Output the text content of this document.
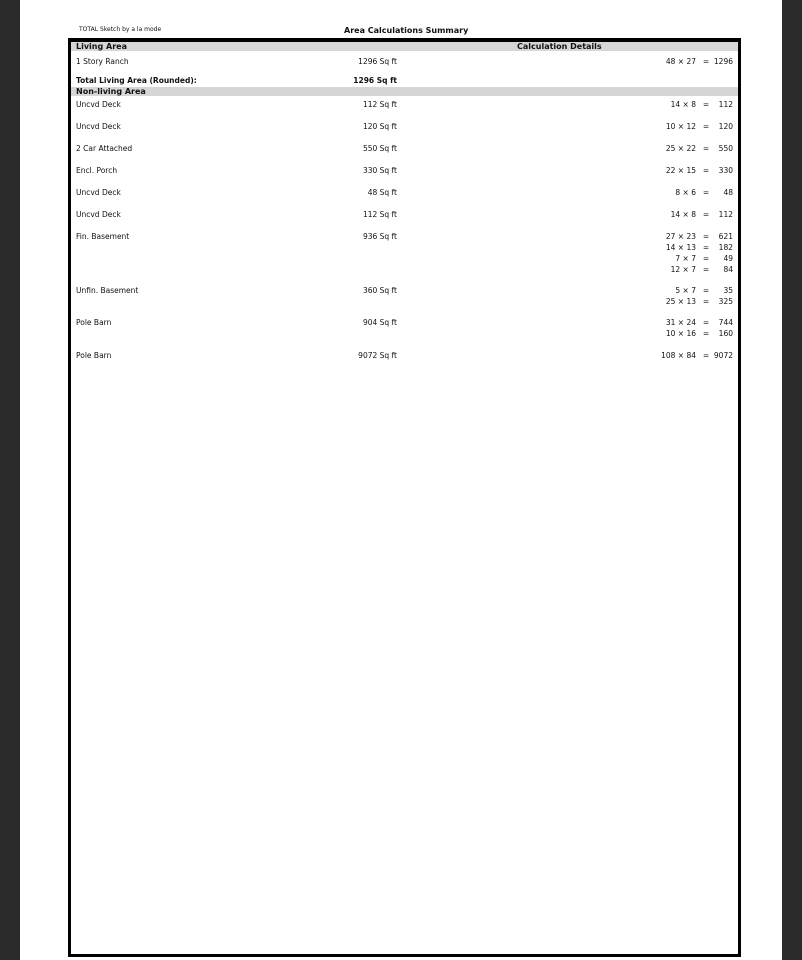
TOTAL Sketch by a la mode	Area Calculations Summary
Living Area	Calculation Details
1 Story Ranch	1296 Sq ft	48 × 27 = 1296
Total Living Area (Rounded):	1296 Sq ft
Non-living Area
Uncvd Deck	112 Sq ft	14 × 8 =	112
Uncvd Deck	120 Sq ft	10 × 12 =	120
2 Car Attached	550 Sq ft	25 × 22 =	550
Encl. Porch	330 Sq ft	22 × 15 =	330
Uncvd Deck	48 Sq ft	8 × 6 =	48
Uncvd Deck	112 Sq ft	14 × 8 =	112
Fin. Basement	936 Sq ft	27 × 23 =	621
14 × 13 =	182
7 × 7 =	49
12 × 7 =	84
Unfin. Basement	360 Sq ft	5 × 7 =	35
25 × 13 =	325
Pole Barn	904 Sq ft	31 × 24 =	744
10 × 16 =	160
Pole Barn	9072 Sq ft	108 × 84 = 9072
